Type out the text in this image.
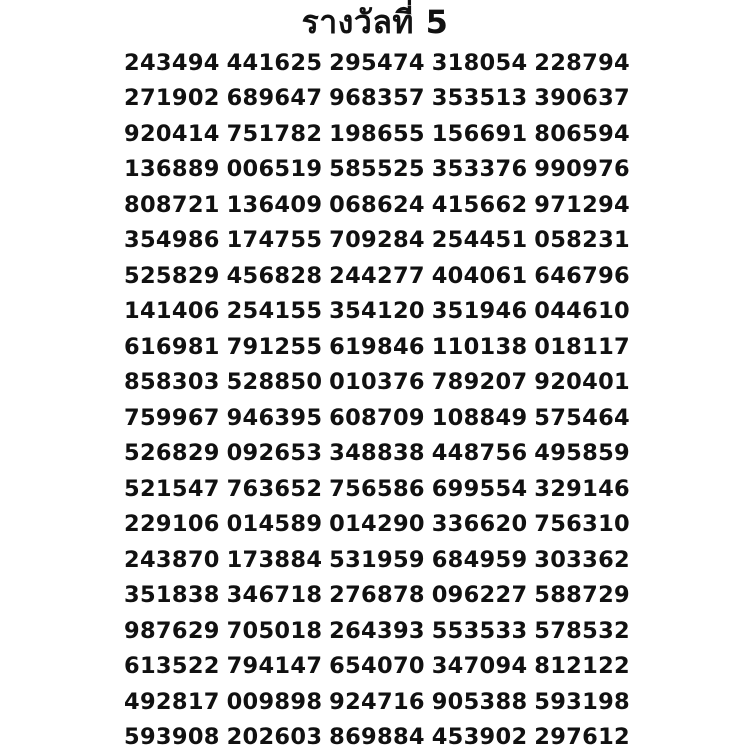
รางวัลที่ 5
243494 441625 295474 318054 228794
271902 689647 968357 353513 390637
920414 751782 198655 156691 806594
136889 006519 585525 353376 990976
808721 136409 068624 415662 971294
354986 174755 709284 254451 058231
525829 456828 244277 404061 646796
141406 254155 354120 351946 044610
616981 791255 619846 110138 018117
858303 528850 010376 789207 920401
759967 946395 608709 108849 575464
526829 092653 348838 448756 495859
521547 763652 756586 699554 329146
229106 014589 014290 336620 756310
243870 173884 531959 684959 303362
351838 346718 276878 096227 588729
987629 705018 264393 553533 578532
613522 794147 654070 347094 812122
492817 009898 924716 905388 593198
593908 202603 869884 453902 297612
